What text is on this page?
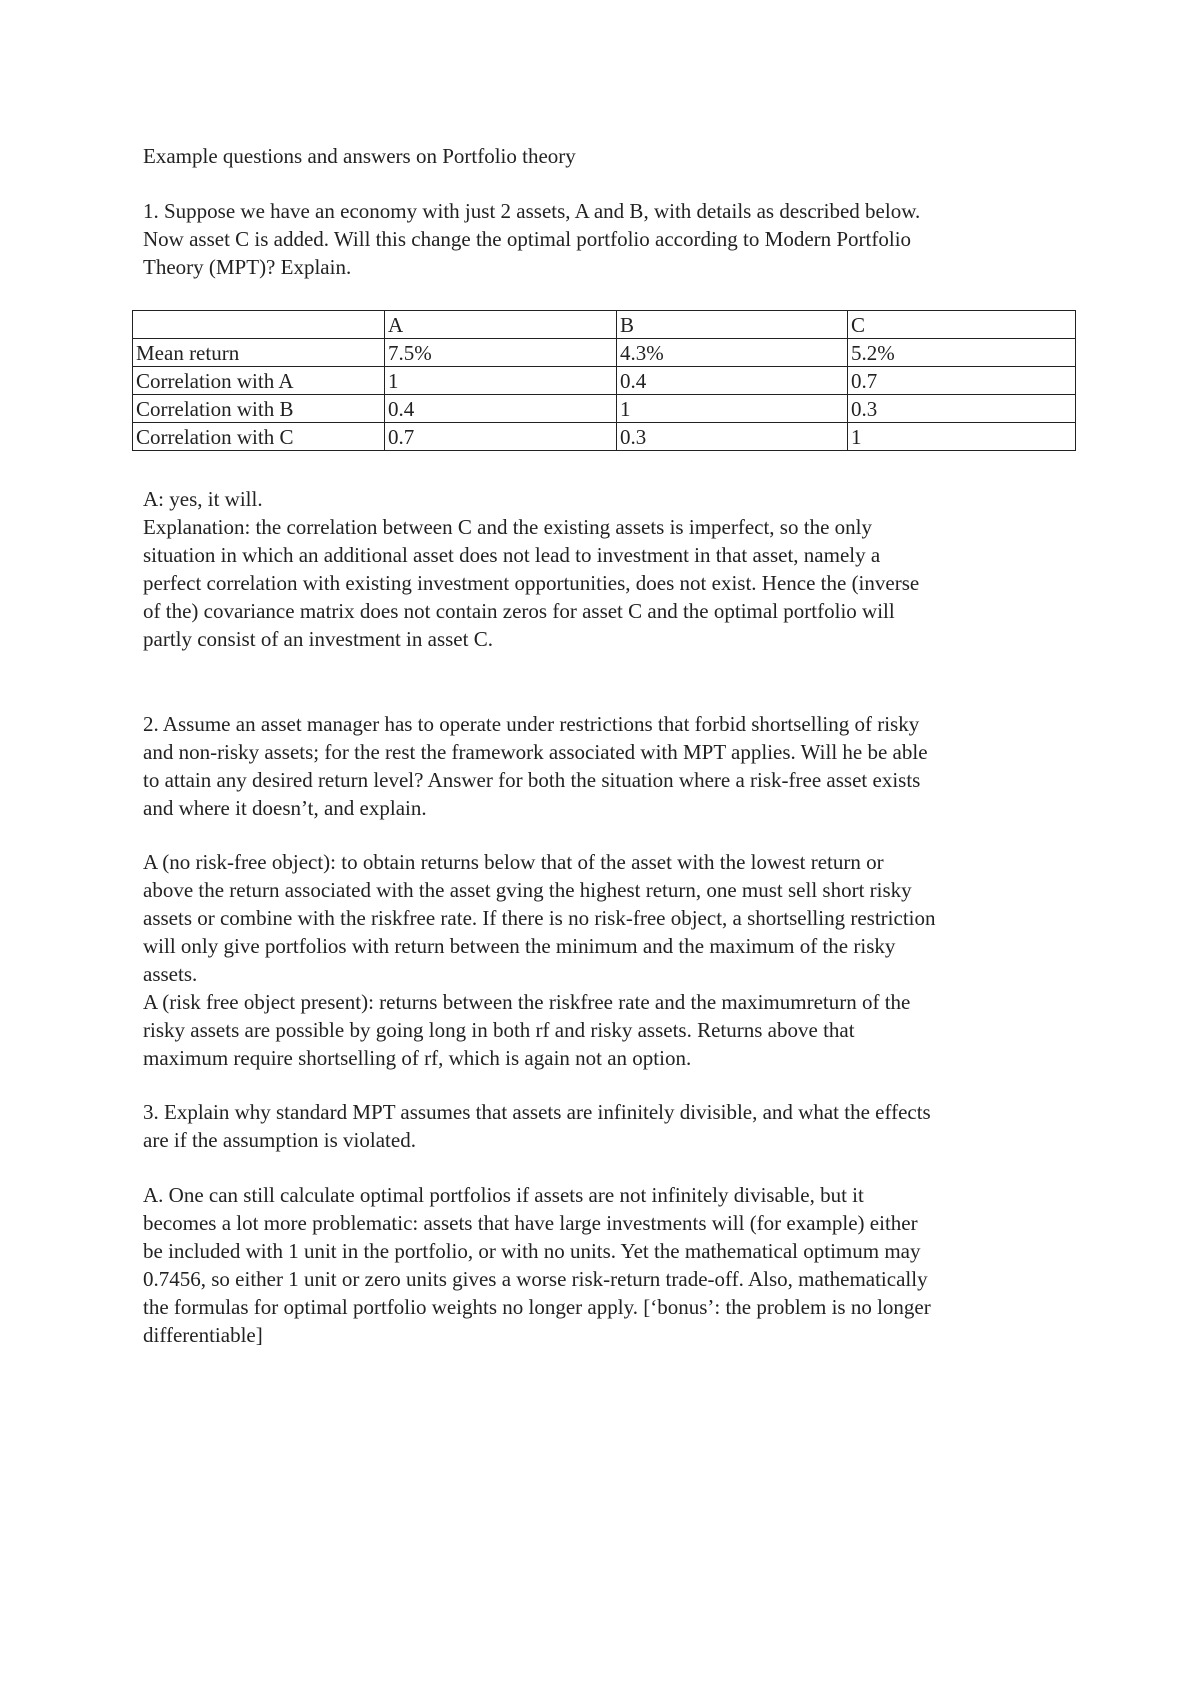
Example questions and answers on Portfolio theory

1. Suppose we have an economy with just 2 assets, A and B, with details as described below.
Now asset C is added. Will this change the optimal portfolio according to Modern Portfolio
Theory (MPT)? Explain.

	A	B	C
Mean return	7.5%	4.3%	5.2%
Correlation with A	1	0.4	0.7
Correlation with B	0.4	1	0.3
Correlation with C	0.7	0.3	1

A: yes, it will.
Explanation: the correlation between C and the existing assets is imperfect, so the only
situation in which an additional asset does not lead to investment in that asset, namely a
perfect correlation with existing investment opportunities, does not exist. Hence the (inverse
of the) covariance matrix does not contain zeros for asset C and the optimal portfolio will
partly consist of an investment in asset C.

2. Assume an asset manager has to operate under restrictions that forbid shortselling of risky
and non-risky assets; for the rest the framework associated with MPT applies. Will he be able
to attain any desired return level? Answer for both the situation where a risk-free asset exists
and where it doesn’t, and explain.

A (no risk-free object): to obtain returns below that of the asset with the lowest return or
above the return associated with the asset gving the highest return, one must sell short risky
assets or combine with the riskfree rate. If there is no risk-free object, a shortselling restriction
will only give portfolios with return between the minimum and the maximum of the risky
assets.
A (risk free object present): returns between the riskfree rate and the maximumreturn of the
risky assets are possible by going long in both rf and risky assets. Returns above that
maximum require shortselling of rf, which is again not an option.

3. Explain why standard MPT assumes that assets are infinitely divisible, and what the effects
are if the assumption is violated.

A. One can still calculate optimal portfolios if assets are not infinitely divisable, but it
becomes a lot more problematic: assets that have large investments will (for example) either
be included with 1 unit in the portfolio, or with no units. Yet the mathematical optimum may
0.7456, so either 1 unit or zero units gives a worse risk-return trade-off. Also, mathematically
the formulas for optimal portfolio weights no longer apply. [‘bonus’: the problem is no longer
differentiable]
